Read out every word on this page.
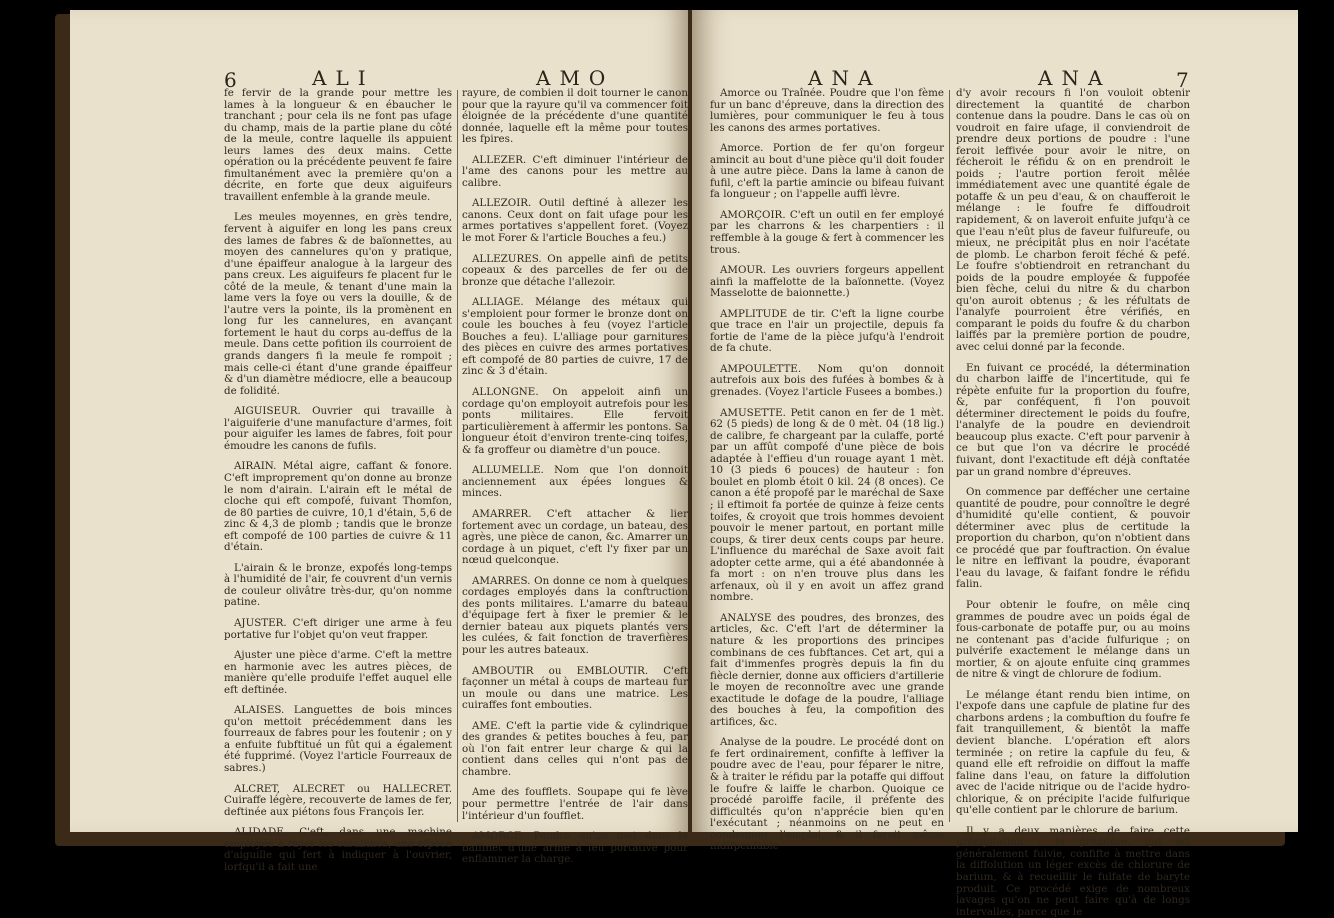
6	ALI	AMO

fe fervir de la grande pour mettre les lames à la longueur & en ébaucher le tranchant ; pour cela ils ne font pas ufage du champ, mais de la partie plane du côté de la meule, contre laquelle ils appuient leurs lames des deux mains. Cette opération ou la précédente peuvent fe faire fimultanément avec la première qu'on a décrite, en forte que deux aiguifeurs travaillent enfemble à la grande meule.

Les meules moyennes, en grès tendre, fervent à aiguifer en long les pans creux des lames de fabres & de baïonnettes, au moyen des cannelures qu'on y pratique, d'une épaiffeur analogue à la largeur des pans creux. Les aiguifeurs fe placent fur le côté de la meule, & tenant d'une main la lame vers la foye ou vers la douille, & de l'autre vers la pointe, ils la promènent en long fur les cannelures, en avançant fortement le haut du corps au-deffus de la meule. Dans cette pofition ils courroient de grands dangers fi la meule fe rompoit ; mais celle-ci étant d'une grande épaiffeur & d'un diamètre médiocre, elle a beaucoup de folidité.

AIGUISEUR. Ouvrier qui travaille à l'aiguiferie d'une manufacture d'armes, foit pour aiguifer les lames de fabres, foit pour émoudre les canons de fufils.

AIRAIN. Métal aigre, caffant & fonore. C'eft improprement qu'on donne au bronze le nom d'airain. L'airain eft le métal de cloche qui eft compofé, fuivant Thomfon, de 80 parties de cuivre, 10,1 d'étain, 5,6 de zinc & 4,3 de plomb ; tandis que le bronze eft compofé de 100 parties de cuivre & 11 d'étain.

L'airain & le bronze, expofés long-temps à l'humidité de l'air, fe couvrent d'un vernis de couleur olivâtre très-dur, qu'on nomme patine.

AJUSTER. C'eft diriger une arme à feu portative fur l'objet qu'on veut frapper.

Ajuster une pièce d'arme. C'eft la mettre en harmonie avec les autres pièces, de manière qu'elle produife l'effet auquel elle eft deftinée.

ALAISES. Languettes de bois minces qu'on mettoit précédemment dans les fourreaux de fabres pour les foutenir ; on y a enfuite fubftitué un fût qui a également été fupprimé. (Voyez l'article Fourreaux de sabres.)

ALCRET, ALECRET ou HALLECRET. Cuiraffe légère, recouverte de lames de fer, deftinée aux piétons fous François Ier.

ALIDADE. C'eft, dans une machine employée à rayer les carabines, une efpèce d'aiguille qui fert à indiquer à l'ouvrier, lorfqu'il a fait une

rayure, de combien il doit tourner le canon pour que la rayure qu'il va commencer foit éloignée de la précédente d'une quantité donnée, laquelle eft la même pour toutes les fpires.

ALLEZER. C'eft diminuer l'intérieur de l'ame des canons pour les mettre au calibre.

ALLEZOIR. Outil deftiné à allezer les canons. Ceux dont on fait ufage pour les armes portatives s'appellent foret. (Voyez le mot Forer & l'article Bouches a feu.)

ALLEZURES. On appelle ainfi de petits copeaux & des parcelles de fer ou de bronze que détache l'allezoir.

ALLIAGE. Mélange des métaux qui s'emploient pour former le bronze dont on coule les bouches à feu (voyez l'article Bouches a feu). L'alliage pour garnitures des pièces en cuivre des armes portatives eft compofé de 80 parties de cuivre, 17 de zinc & 3 d'étain.

ALLONGNE. On appeloit ainfi un cordage qu'on employoit autrefois pour les ponts militaires. Elle fervoit particulièrement à affermir les pontons. Sa longueur étoit d'environ trente-cinq toifes, & fa groffeur ou diamètre d'un pouce.

ALLUMELLE. Nom que l'on donnoit anciennement aux épées longues & minces.

AMARRER. C'eft attacher & lier fortement avec un cordage, un bateau, des agrès, une pièce de canon, &c. Amarrer un cordage à un piquet, c'eft l'y fixer par un nœud quelconque.

AMARRES. On donne ce nom à quelques cordages employés dans la conftruction des ponts militaires. L'amarre du bateau d'équipage fert à fixer le premier & le dernier bateau aux piquets plantés vers les culées, & fait fonction de traverfières pour les autres bateaux.

AMBOUTIR ou EMBLOUTIR. C'eft façonner un métal à coups de marteau fur un moule ou dans une matrice. Les cuiraffes font embouties.

AME. C'eft la partie vide & cylindrique des grandes & petites bouches à feu, par où l'on fait entrer leur charge & qui la contient dans celles qui n'ont pas de chambre.

Ame des foufflets. Soupape qui fe lève pour permettre l'entrée de l'air dans l'intérieur d'un foufflet.

AMORCE. Poudre qu'on met dans le baffinet d'une arme à feu portative pour enflammer la charge.

ANA	ANA	7

Amorce ou Traînée. Poudre que l'on fème fur un banc d'épreuve, dans la direction des lumières, pour communiquer le feu à tous les canons des armes portatives.

Amorce. Portion de fer qu'on forgeur amincit au bout d'une pièce qu'il doit fouder à une autre pièce. Dans la lame à canon de fufil, c'eft la partie amincie ou bifeau fuivant fa longueur ; on l'appelle auffi lèvre.

AMORÇOIR. C'eft un outil en fer employé par les charrons & les charpentiers : il reffemble à la gouge & fert à commencer les trous.

AMOUR. Les ouvriers forgeurs appellent ainfi la maffelotte de la baïonnette. (Voyez Masselotte de baionnette.)

AMPLITUDE de tir. C'eft la ligne courbe que trace en l'air un projectile, depuis fa fortie de l'ame de la pièce jufqu'à l'endroit de fa chute.

AMPOULETTE. Nom qu'on donnoit autrefois aux bois des fufées à bombes & à grenades. (Voyez l'article Fusees a bombes.)

AMUSETTE. Petit canon en fer de 1 mèt. 62 (5 pieds) de long & de 0 mèt. 04 (18 lig.) de calibre, fe chargeant par la culaffe, porté par un affût compofé d'une pièce de bois adaptée à l'effieu d'un rouage ayant 1 mèt. 10 (3 pieds 6 pouces) de hauteur : fon boulet en plomb étoit 0 kil. 24 (8 onces). Ce canon a été propofé par le maréchal de Saxe ; il eftimoit fa portée de quinze à feize cents toifes, & croyoit que trois hommes devoient pouvoir le mener partout, en portant mille coups, & tirer deux cents coups par heure. L'influence du maréchal de Saxe avoit fait adopter cette arme, qui a été abandonnée à fa mort : on n'en trouve plus dans les arfenaux, où il y en avoit un affez grand nombre.

ANALYSE des poudres, des bronzes, des articles, &c. C'eft l'art de déterminer la nature & les proportions des principes combinans de ces fubftances. Cet art, qui a fait d'immenfes progrès depuis la fin du fiècle dernier, donne aux officiers d'artillerie le moyen de reconnoître avec une grande exactitude le dofage de la poudre, l'alliage des bouches à feu, la compofition des artifices, &c.

Analyse de la poudre. Le procédé dont on fe fert ordinairement, confifte à leffiver la poudre avec de l'eau, pour féparer le nitre, & à traiter le réfidu par la potaffe qui diffout le foufre & laiffe le charbon. Quoique ce procédé paroiffe facile, il préfente des difficultés qu'on n'apprécie bien qu'en l'exécutant ; néanmoins on ne peut en condamner l'emploi, & il feroit même indifpenfable

d'y avoir recours fi l'on vouloit obtenir directement la quantité de charbon contenue dans la poudre. Dans le cas où on voudroit en faire ufage, il conviendroit de prendre deux portions de poudre : l'une feroit leffivée pour avoir le nitre, on fécheroit le réfidu & on en prendroit le poids ; l'autre portion feroit mêlée immédiatement avec une quantité égale de potaffe & un peu d'eau, & on chaufferoit le mélange : le foufre fe diffoudroit rapidement, & on laveroit enfuite jufqu'à ce que l'eau n'eût plus de faveur fulfureufe, ou mieux, ne précipitât plus en noir l'acétate de plomb. Le charbon feroit féché & pefé. Le foufre s'obtiendroit en retranchant du poids de la poudre employée & fuppofée bien fèche, celui du nitre & du charbon qu'on auroit obtenus ; & les réfultats de l'analyfe pourroient être vérifiés, en comparant le poids du foufre & du charbon laiffés par la première portion de poudre, avec celui donné par la feconde.

En fuivant ce procédé, la détermination du charbon laiffe de l'incertitude, qui fe répète enfuite fur la proportion du foufre, &, par conféquent, fi l'on pouvoit déterminer directement le poids du foufre, l'analyfe de la poudre en deviendroit beaucoup plus exacte. C'eft pour parvenir à ce but que l'on va décrire le procédé fuivant, dont l'exactitude eft déjà conftatée par un grand nombre d'épreuves.

On commence par deffécher une certaine quantité de poudre, pour connoître le degré d'humidité qu'elle contient, & pouvoir déterminer avec plus de certitude la proportion du charbon, qu'on n'obtient dans ce procédé que par fouftraction. On évalue le nitre en leffivant la poudre, évaporant l'eau du lavage, & faifant fondre le réfidu falin.

Pour obtenir le foufre, on mêle cinq grammes de poudre avec un poids égal de fous-carbonate de potaffe pur, ou au moins ne contenant pas d'acide fulfurique ; on pulvérife exactement le mélange dans un mortier, & on ajoute enfuite cinq grammes de nitre & vingt de chlorure de fodium.

Le mélange étant rendu bien intime, on l'expofe dans une capfule de platine fur des charbons ardens ; la combuftion du foufre fe fait tranquillement, & bientôt la maffe devient blanche. L'opération eft alors terminée ; on retire la capfule du feu, & quand elle eft refroidie on diffout la maffe faline dans l'eau, on fature la diffolution avec de l'acide nitrique ou de l'acide hydro-chlorique, & on précipite l'acide fulfurique qu'elle contient par le chlorure de barium.

Il y a deux manières de faire cette précipitation : la première, qui eft généralement fuivie, confifte à mettre dans la diffolution un léger excès de chlorure de barium, & à recueillir le fulfate de baryte produit. Ce procédé exige de nombreux lavages qu'on ne peut faire qu'à de longs intervalles, parce que le
